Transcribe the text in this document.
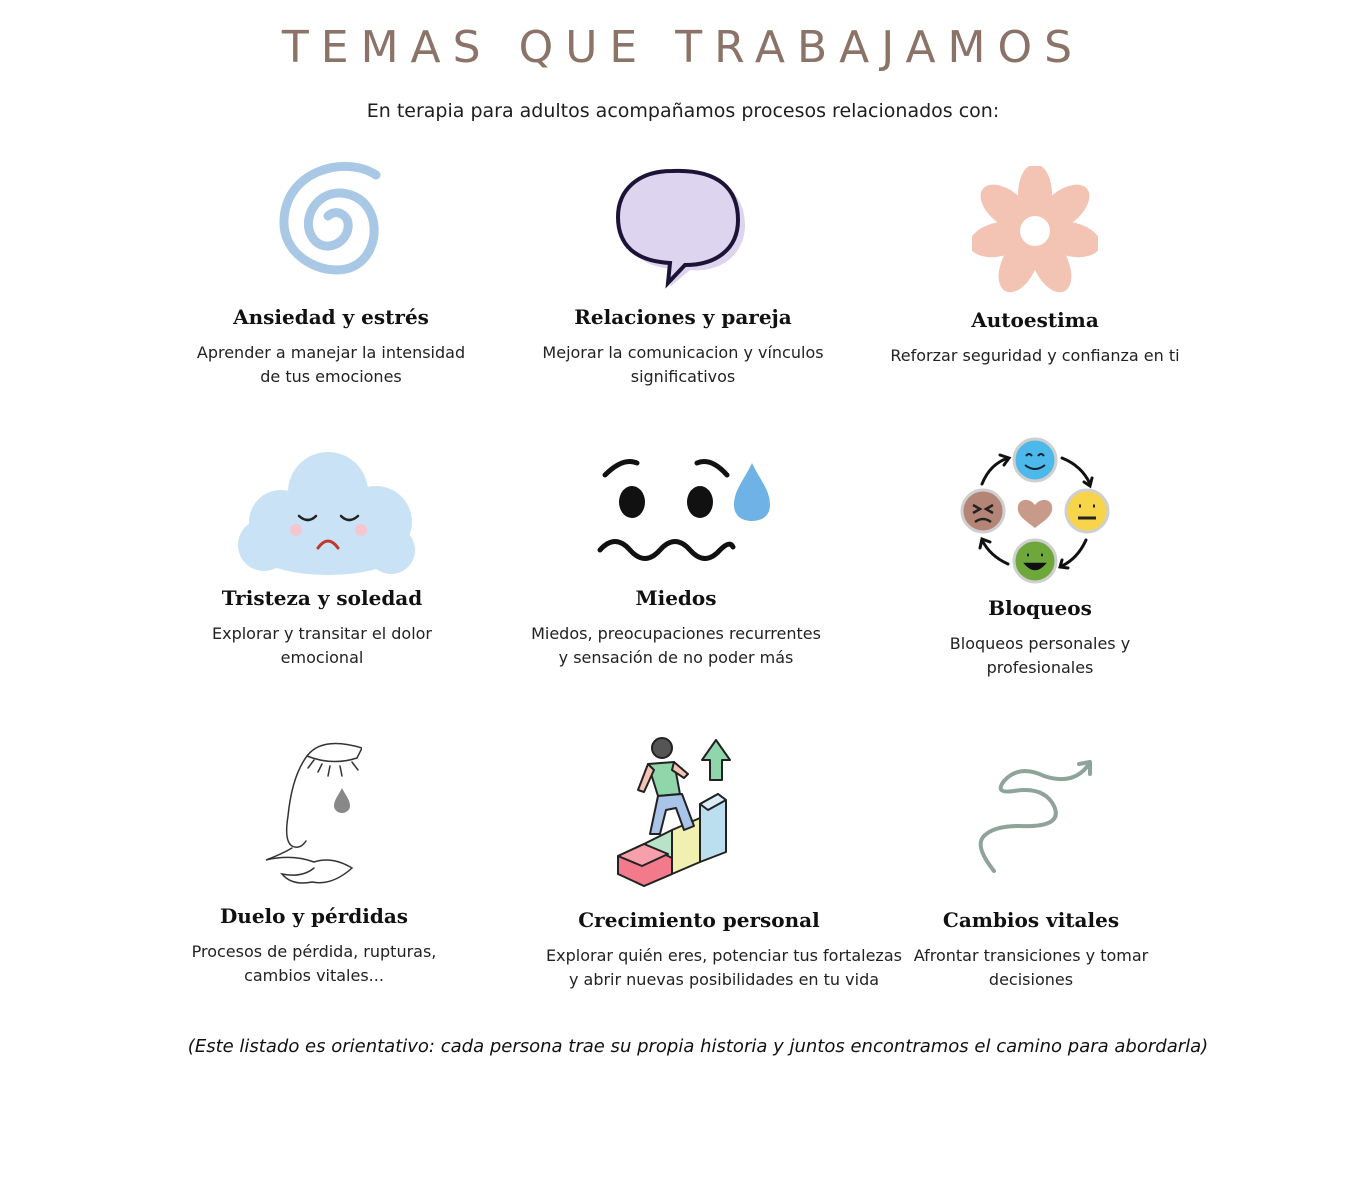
TEMAS QUE TRABAJAMOS
En terapia para adultos acompañamos procesos relacionados con:
Ansiedad y estrés

Aprender a manejar la intensidad de tus emociones

Relaciones y pareja

Mejorar la comunicacion y vínculos significativos

Autoestima

Reforzar seguridad y confianza en ti

Tristeza y soledad

Explorar y transitar el dolor emocional

Miedos

Miedos, preocupaciones recurrentes y sensación de no poder más

Bloqueos

Bloqueos personales y profesionales

Duelo y pérdidas

Procesos de pérdida, rupturas, cambios vitales...

Crecimiento personal

Explorar quién eres, potenciar tus fortalezas y abrir nuevas posibilidades en tu vida

Cambios vitales

Afrontar transiciones y tomar decisiones

(Este listado es orientativo: cada persona trae su propia historia y juntos encontramos el camino para abordarla)
